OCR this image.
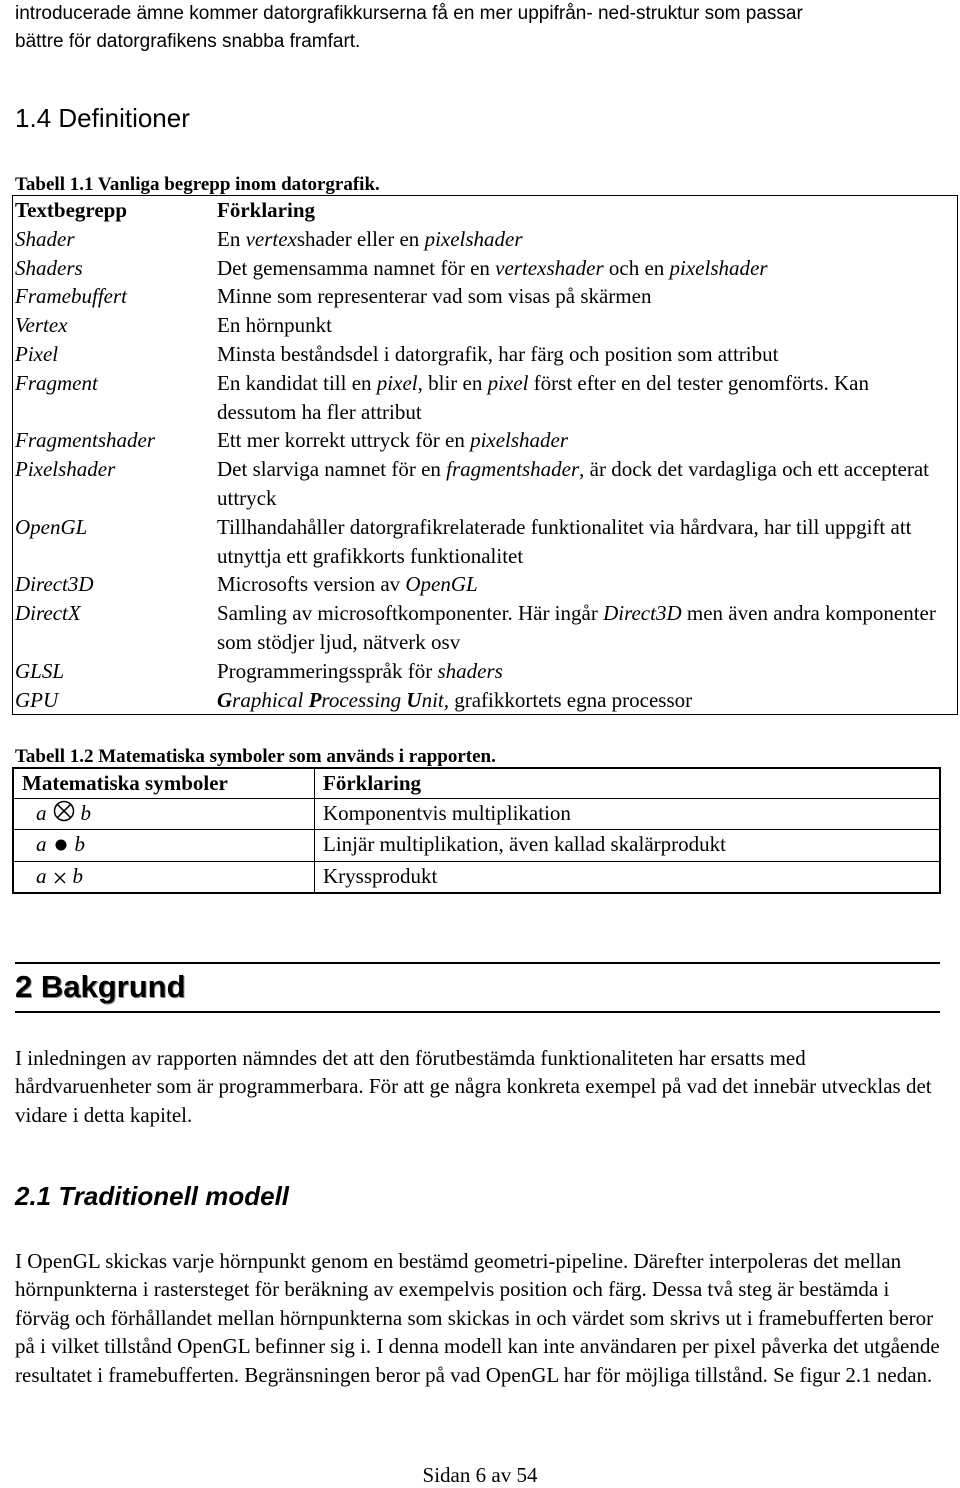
introducerade ämne kommer datorgrafikkurserna få en mer uppifrån- ned-struktur som passar
bättre för datorgrafikens snabba framfart.
1.4 Definitioner
Tabell 1.1 Vanliga begrepp inom datorgrafik.
Textbegrepp	Förklaring
Shader	En vertexshader eller en pixelshader
Shaders	Det gemensamma namnet för en vertexshader och en pixelshader
Framebuffert	Minne som representerar vad som visas på skärmen
Vertex	En hörnpunkt
Pixel	Minsta beståndsdel i datorgrafik, har färg och position som attribut
Fragment	En kandidat till en pixel, blir en pixel först efter en del tester genomförts. Kan dessutom ha fler attribut
Fragmentshader	Ett mer korrekt uttryck för en pixelshader
Pixelshader	Det slarviga namnet för en fragmentshader, är dock det vardagliga och ett accepterat uttryck
OpenGL	Tillhandahåller datorgrafikrelaterade funktionalitet via hårdvara, har till uppgift att utnyttja ett grafikkorts funktionalitet
Direct3D	Microsofts version av OpenGL
DirectX	Samling av microsoftkomponenter. Här ingår Direct3D men även andra komponenter som stödjer ljud, nätverk osv
GLSL	Programmeringsspråk för shaders
GPU	Graphical Processing Unit, grafikkortets egna processor
Tabell 1.2 Matematiska symboler som används i rapporten.
Matematiska symboler	Förklaring
a b	Komponentvis multiplikation
a b	Linjär multiplikation, även kallad skalärprodukt
a b	Kryssprodukt
2 Bakgrund
I inledningen av rapporten nämndes det att den förutbestämda funktionaliteten har ersatts med hårdvaruenheter som är programmerbara. För att ge några konkreta exempel på vad det innebär utvecklas det vidare i detta kapitel.
2.1 Traditionell modell
I OpenGL skickas varje hörnpunkt genom en bestämd geometri-pipeline. Därefter interpoleras det mellan hörnpunkterna i rastersteget för beräkning av exempelvis position och färg. Dessa två steg är bestämda i förväg och förhållandet mellan hörnpunkterna som skickas in och värdet som skrivs ut i framebufferten beror på i vilket tillstånd OpenGL befinner sig i. I denna modell kan inte användaren per pixel påverka det utgående resultatet i framebufferten. Begränsningen beror på vad OpenGL har för möjliga tillstånd. Se figur 2.1 nedan.
Sidan 6 av 54
